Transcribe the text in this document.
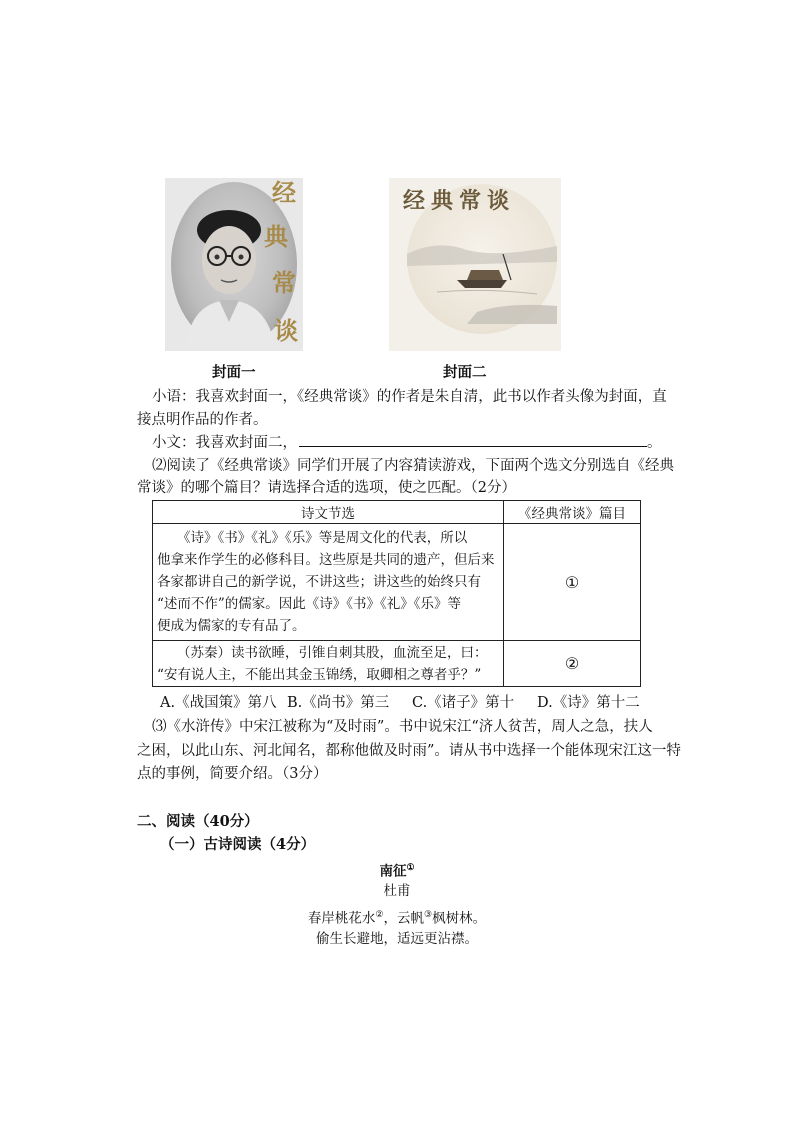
经
典
常
谈
经典常谈
封面一	封面二
小语：我喜欢封面一，《经典常谈》的作者是朱自清，此书以作者头像为封面，直
接点明作品的作者。
小文：我喜欢封面二，	。
⑵阅读了《经典常谈》同学们开展了内容猜读游戏，下面两个选文分别选自《经典
常谈》的哪个篇目？请选择合适的选项，使之匹配。（2分）
诗文节选	《经典常谈》篇目

《诗》《书》《礼》《乐》等是周文化的代表，所以
他拿来作学生的必修科目。这些原是共同的遗产，但后来
各家都讲自己的新学说，不讲这些；讲这些的始终只有
“述而不作”的儒家。因此《诗》《书》《礼》《乐》等
便成为儒家的专有品了。	①

（苏秦）读书欲睡，引锥自刺其股，血流至足，曰：
“安有说人主，不能出其金玉锦绣，取卿相之尊者乎？”	②
A.《战国策》第八 B.《尚书》第三 C.《诸子》第十 D.《诗》第十二
⑶《水浒传》中宋江被称为“及时雨”。书中说宋江“济人贫苦，周人之急，扶人
之困，以此山东、河北闻名，都称他做及时雨”。请从书中选择一个能体现宋江这一特
点的事例，简要介绍。（3分）
二、阅读（40分）
（一）古诗阅读（4分）
南征①
杜甫
春岸桃花水②，云帆③枫树林。
偷生长避地，适远更沾襟。
